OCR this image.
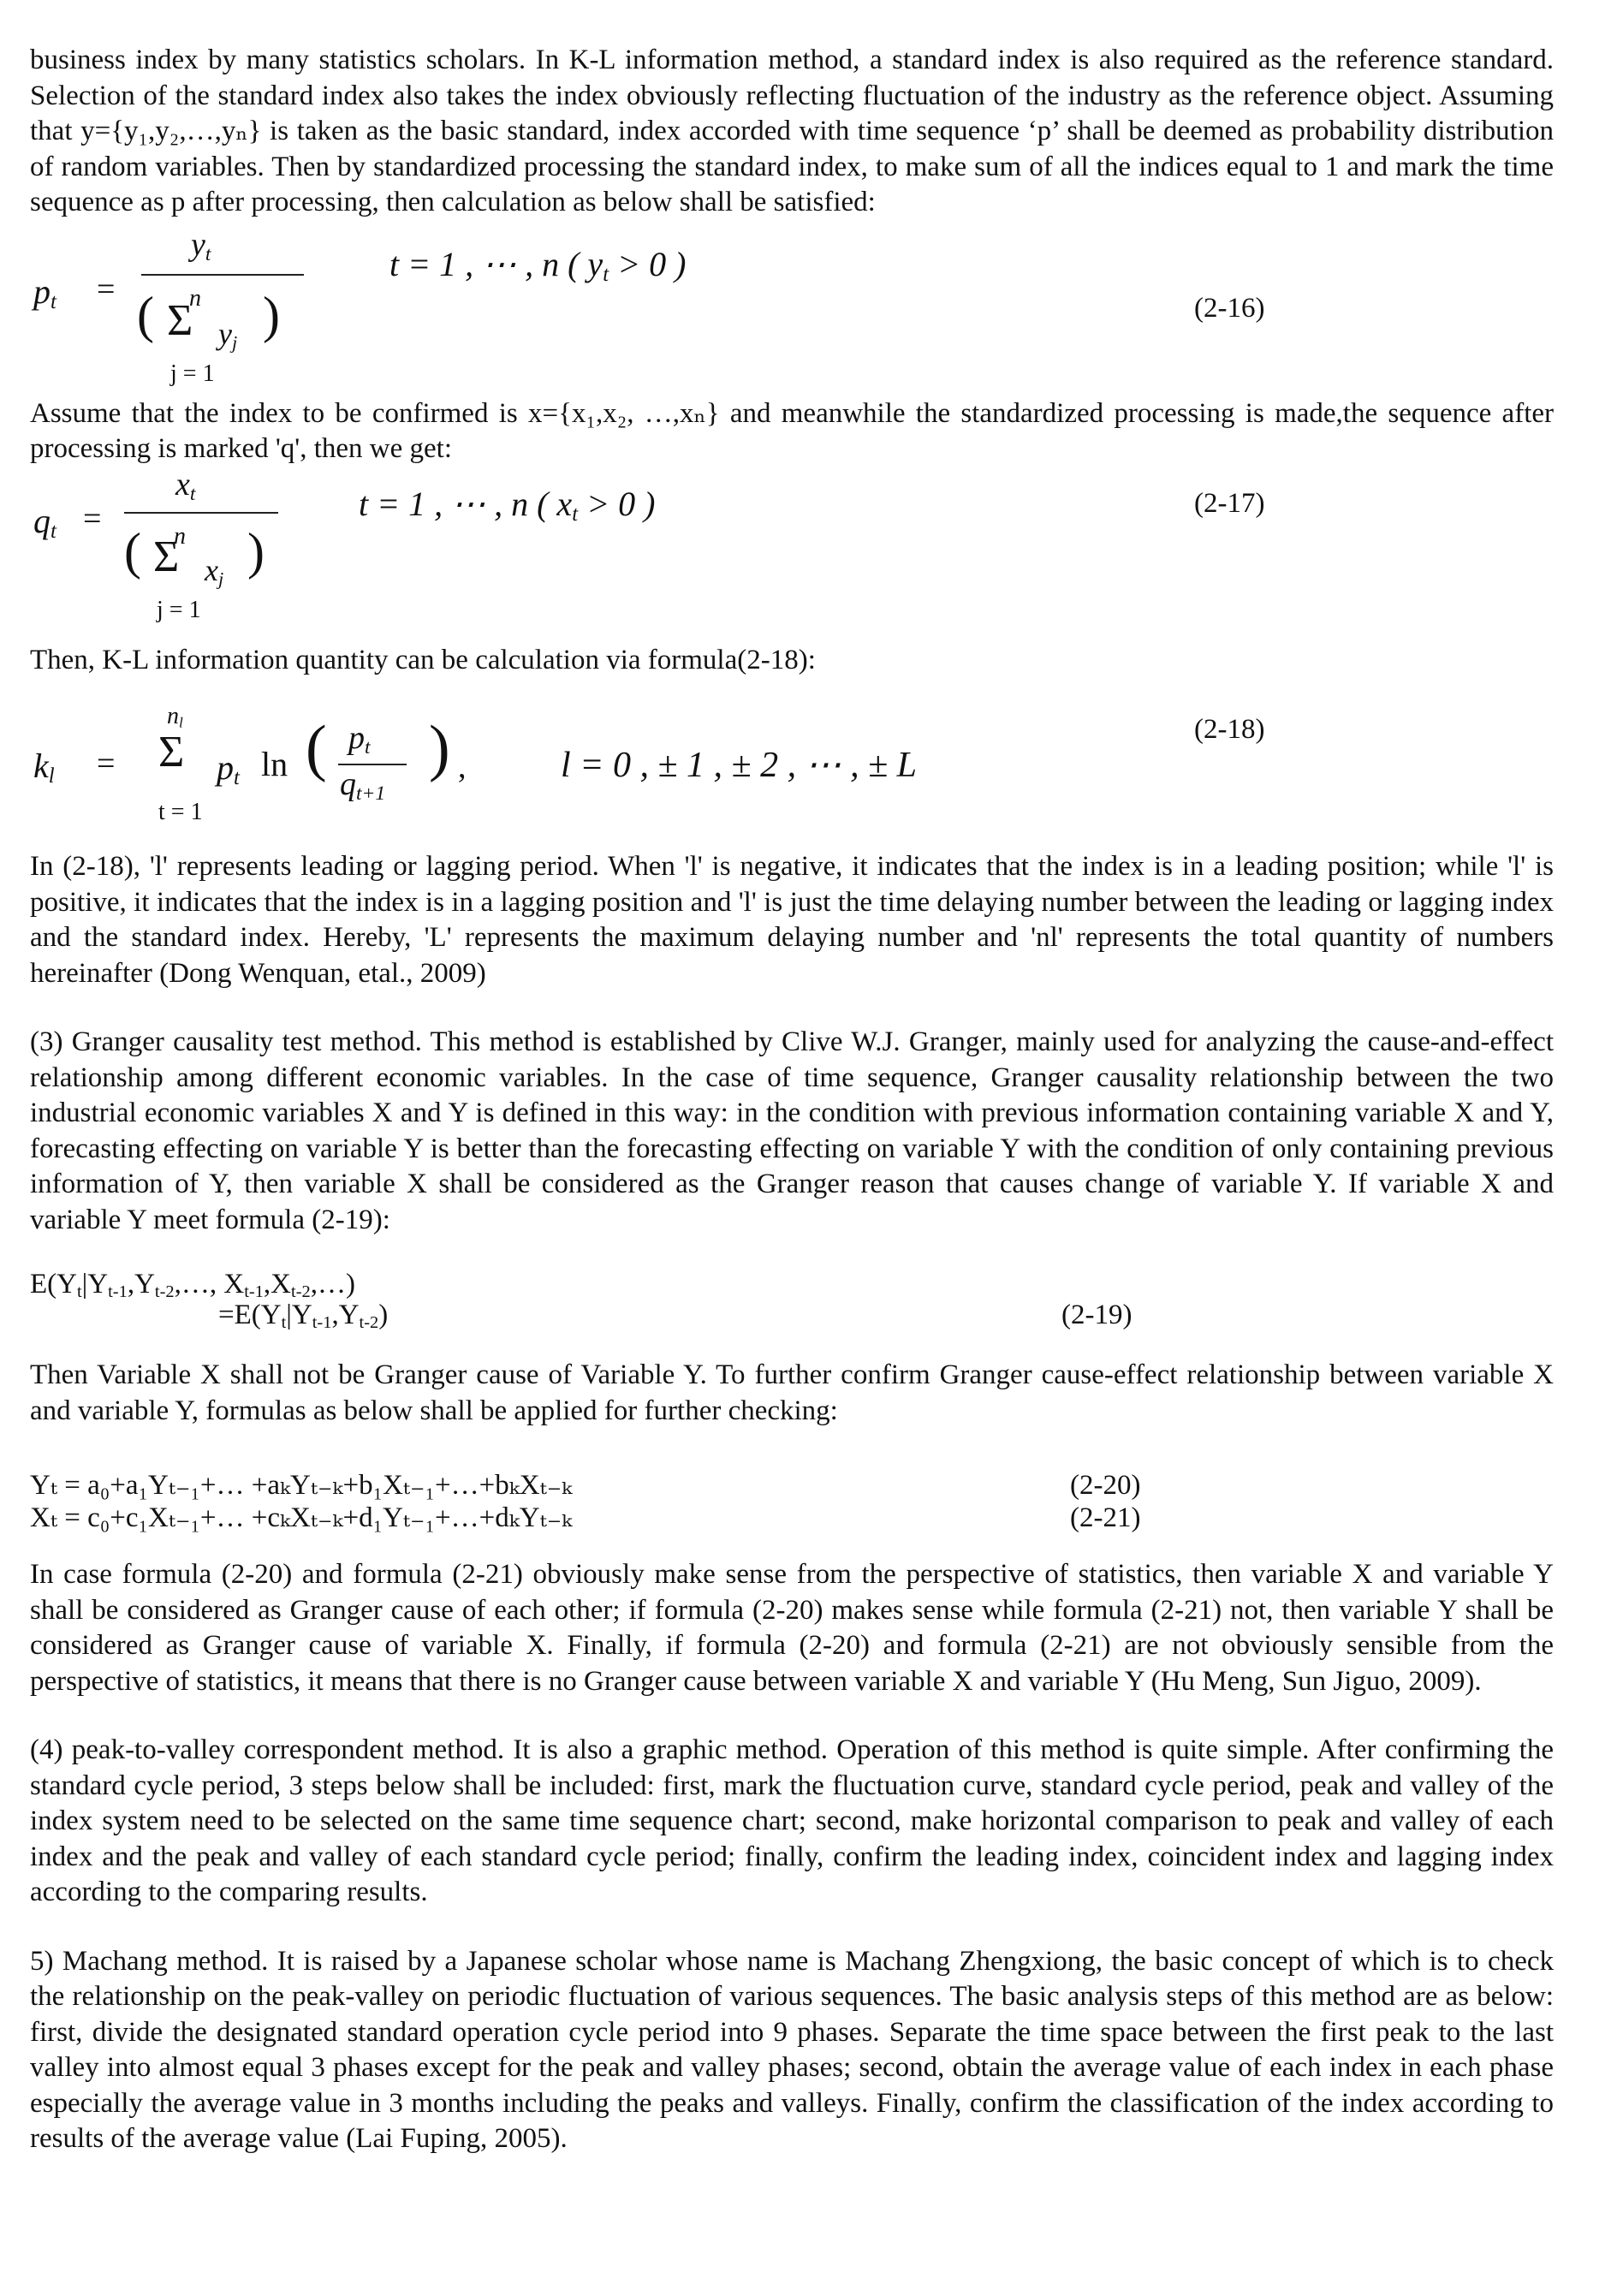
business index by many statistics scholars. In K-L information method, a standard index is also required as the reference standard. Selection of the standard index also takes the index obviously reflecting fluctuation of the industry as the reference object. Assuming that y={y₁,y₂,…,yₙ} is taken as the basic standard, index accorded with time sequence ‘p’ shall be deemed as probability distribution of random variables. Then by standardized processing the standard index, to make sum of all the indices equal to 1 and mark the time sequence as p after processing, then calculation as below shall be satisfied:

$p_t$ =
$y_t$
n
( Σ $y_j$ )
j = 1
t = 1 , ⋯ , n ( $y_t > 0$ )
(2-16)

Assume that the index to be confirmed is x={x₁,x₂, …,xₙ} and meanwhile the standardized processing is made,the sequence after processing is marked 'q', then we get:

$q_t$ =
$x_t$
n
( Σ $x_j$ )
j = 1
t = 1 , ⋯ , n ( $x_t > 0$ )	(2-17)

Then, K-L information quantity can be calculation via formula(2-18):

$k_l$ =
$n_l$
Σ
t = 1
$p_t$ ln ( $p_t$
$q_{t+1}$
) ,	l = 0 , ± 1 , ± 2 , ⋯ , ± L
(2-18)

In (2-18), 'l' represents leading or lagging period. When 'l' is negative, it indicates that the index is in a leading position; while 'l' is positive, it indicates that the index is in a lagging position and 'l' is just the time delaying number between the leading or lagging index and the standard index. Hereby, 'L' represents the maximum delaying number and 'nl' represents the total quantity of numbers hereinafter (Dong Wenquan, etal., 2009)

(3) Granger causality test method. This method is established by Clive W.J. Granger, mainly used for analyzing the cause-and-effect relationship among different economic variables. In the case of time sequence, Granger causality relationship between the two industrial economic variables X and Y is defined in this way: in the condition with previous information containing variable X and Y, forecasting effecting on variable Y is better than the forecasting effecting on variable Y with the condition of only containing previous information of Y, then variable X shall be considered as the Granger reason that causes change of variable Y. If variable X and variable Y meet formula (2-19):

$E(Y_t|Y_{t-1},Y_{t-2},\dots$, $X_{t-1},X_{t-2},\dots$)
$=E(Y_t|Y_{t-1},Y_{t-2})$	(2-19)

Then Variable X shall not be Granger cause of Variable Y. To further confirm Granger cause-effect relationship between variable X and variable Y, formulas as below shall be applied for further checking:

Yₜ = a₀+a₁Yₜ₋₁+… +aₖYₜ₋ₖ+b₁Xₜ₋₁+…+bₖXₜ₋ₖ	(2-20)
Xₜ = c₀+c₁Xₜ₋₁+… +cₖXₜ₋ₖ+d₁Yₜ₋₁+…+dₖYₜ₋ₖ	(2-21)

In case formula (2-20) and formula (2-21) obviously make sense from the perspective of statistics, then variable X and variable Y shall be considered as Granger cause of each other; if formula (2-20) makes sense while formula (2-21) not, then variable Y shall be considered as Granger cause of variable X. Finally, if formula (2-20) and formula (2-21) are not obviously sensible from the perspective of statistics, it means that there is no Granger cause between variable X and variable Y (Hu Meng, Sun Jiguo, 2009).

(4) peak-to-valley correspondent method. It is also a graphic method. Operation of this method is quite simple. After confirming the standard cycle period, 3 steps below shall be included: first, mark the fluctuation curve, standard cycle period, peak and valley of the index system need to be selected on the same time sequence chart; second, make horizontal comparison to peak and valley of each index and the peak and valley of each standard cycle period; finally, confirm the leading index, coincident index and lagging index according to the comparing results.

5) Machang method. It is raised by a Japanese scholar whose name is Machang Zhengxiong, the basic concept of which is to check the relationship on the peak-valley on periodic fluctuation of various sequences. The basic analysis steps of this method are as below: first, divide the designated standard operation cycle period into 9 phases. Separate the time space between the first peak to the last valley into almost equal 3 phases except for the peak and valley phases; second, obtain the average value of each index in each phase especially the average value in 3 months including the peaks and valleys. Finally, confirm the classification of the index according to results of the average value (Lai Fuping, 2005).
